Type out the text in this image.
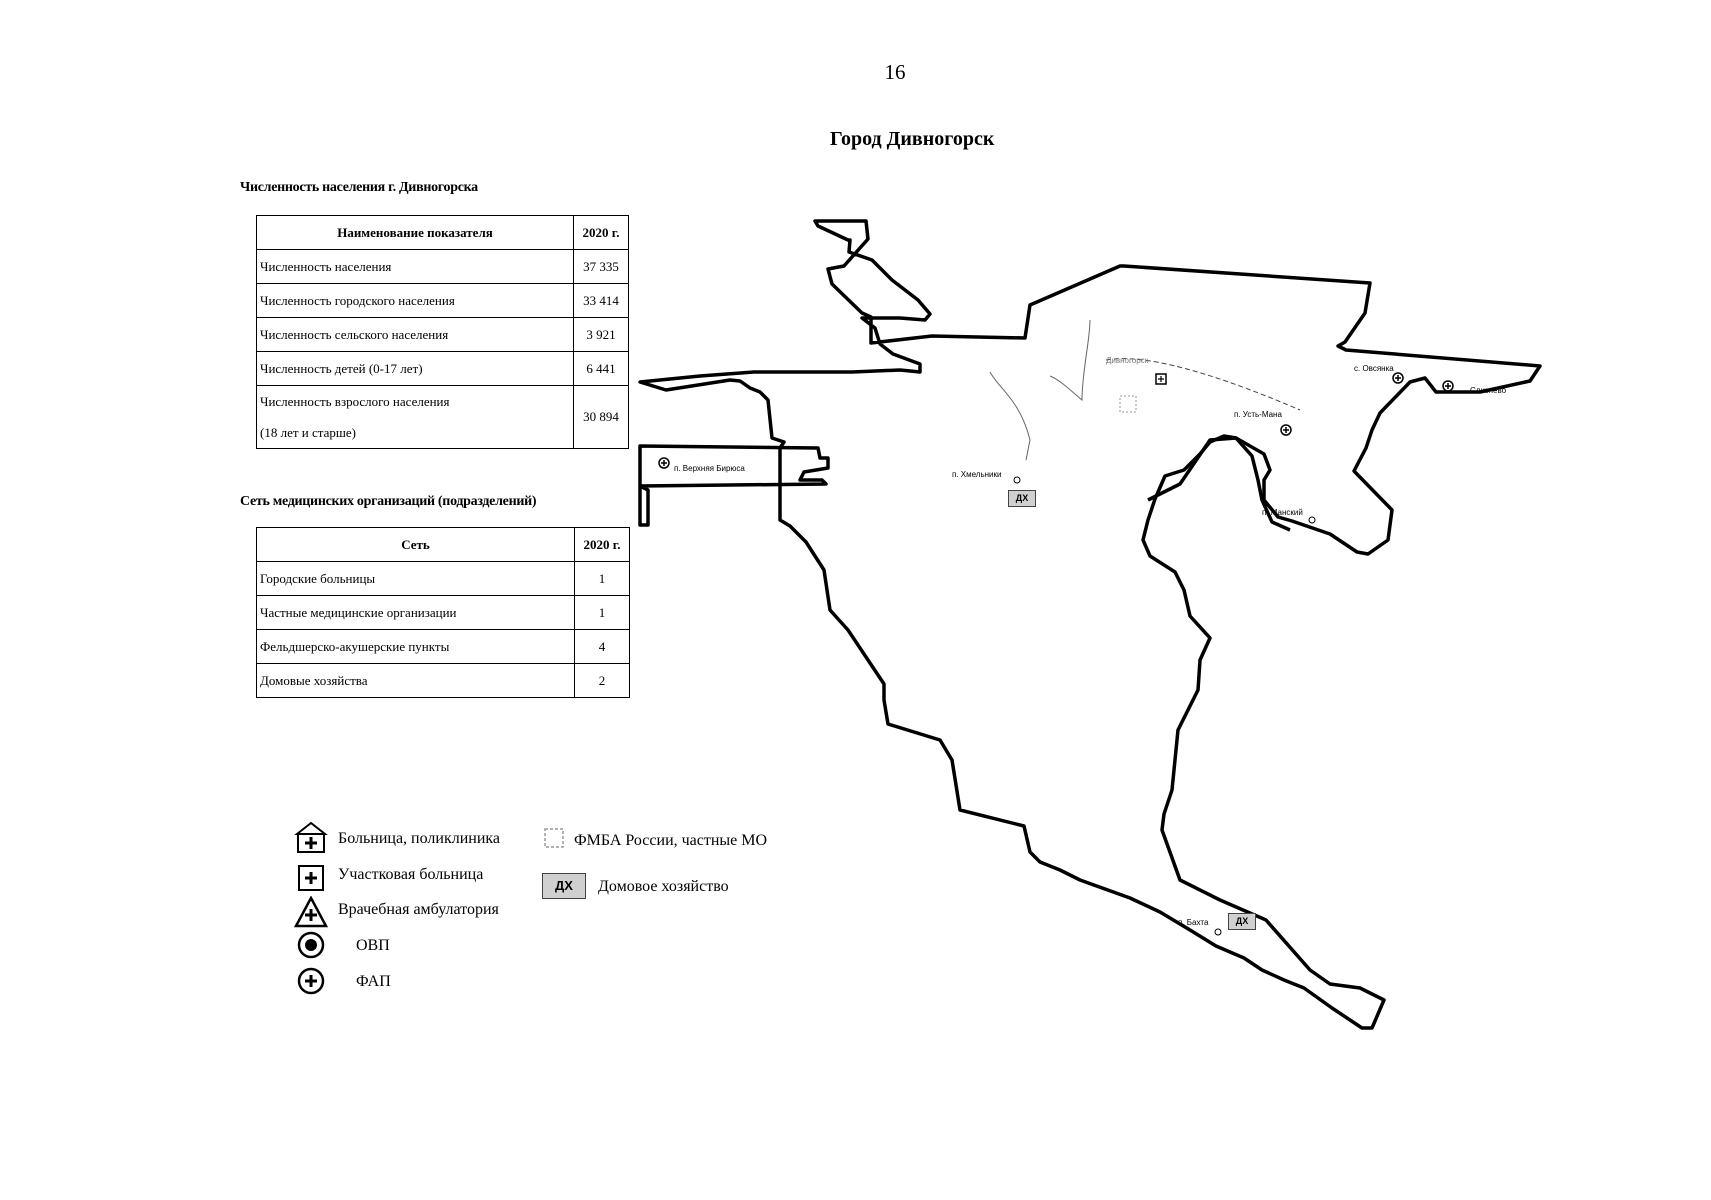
16
Город Дивногорск
Численность населения г. Дивногорска
Наименование показателя	2020 г.
Численность населения	37 335
Численность городского населения	33 414
Численность сельского населения	3 921
Численность детей (0-17 лет)	6 441

Численность взрослого населения
(18 лет и старше)	30 894
Сеть медицинских организаций (подразделений)
Сеть	2020 г.
Городские больницы	1
Частные медицинские организации	1
Фельдшерско-акушерские пункты	4
Домовые хозяйства	2
Больница, поликлиника
Участковая больница
Врачебная амбулатория
ОВП
ФАП
ФМБА России, частные МО
ДХ	Домовое хозяйство
п. Верхняя Бирюса
п. Хмельники
Дивногорск
с. Овсянка
п. Усть-Мана
Слизнево
п. Манский
п. Бахта
ДХ
ДХ
